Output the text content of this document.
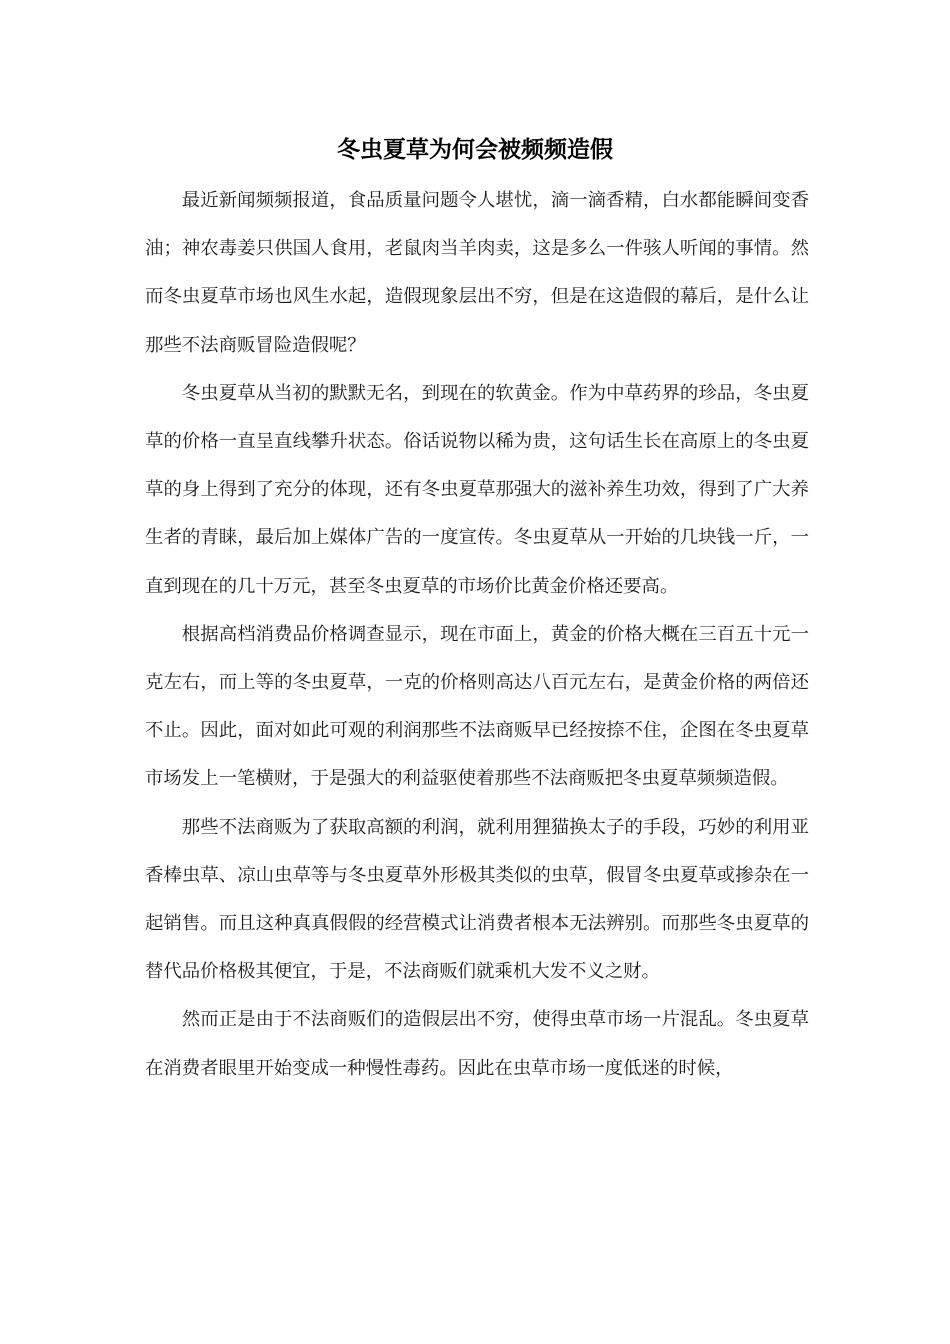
冬虫夏草为何会被频频造假

最近新闻频频报道，食品质量问题令人堪忧，滴一滴香精，白水都能瞬间变香油；神农毒姜只供国人食用，老鼠肉当羊肉卖，这是多么一件骇人听闻的事情。然而冬虫夏草市场也风生水起，造假现象层出不穷，但是在这造假的幕后，是什么让那些不法商贩冒险造假呢？

冬虫夏草从当初的默默无名，到现在的软黄金。作为中草药界的珍品，冬虫夏草的价格一直呈直线攀升状态。俗话说物以稀为贵，这句话生长在高原上的冬虫夏草的身上得到了充分的体现，还有冬虫夏草那强大的滋补养生功效，得到了广大养生者的青睐，最后加上媒体广告的一度宣传。冬虫夏草从一开始的几块钱一斤，一直到现在的几十万元，甚至冬虫夏草的市场价比黄金价格还要高。

根据高档消费品价格调查显示，现在市面上，黄金的价格大概在三百五十元一克左右，而上等的冬虫夏草，一克的价格则高达八百元左右，是黄金价格的两倍还不止。因此，面对如此可观的利润那些不法商贩早已经按捺不住，企图在冬虫夏草市场发上一笔横财，于是强大的利益驱使着那些不法商贩把冬虫夏草频频造假。

那些不法商贩为了获取高额的利润，就利用狸猫换太子的手段，巧妙的利用亚香棒虫草、凉山虫草等与冬虫夏草外形极其类似的虫草，假冒冬虫夏草或掺杂在一起销售。而且这种真真假假的经营模式让消费者根本无法辨别。而那些冬虫夏草的替代品价格极其便宜，于是，不法商贩们就乘机大发不义之财。

然而正是由于不法商贩们的造假层出不穷，使得虫草市场一片混乱。冬虫夏草在消费者眼里开始变成一种慢性毒药。因此在虫草市场一度低迷的时候，
